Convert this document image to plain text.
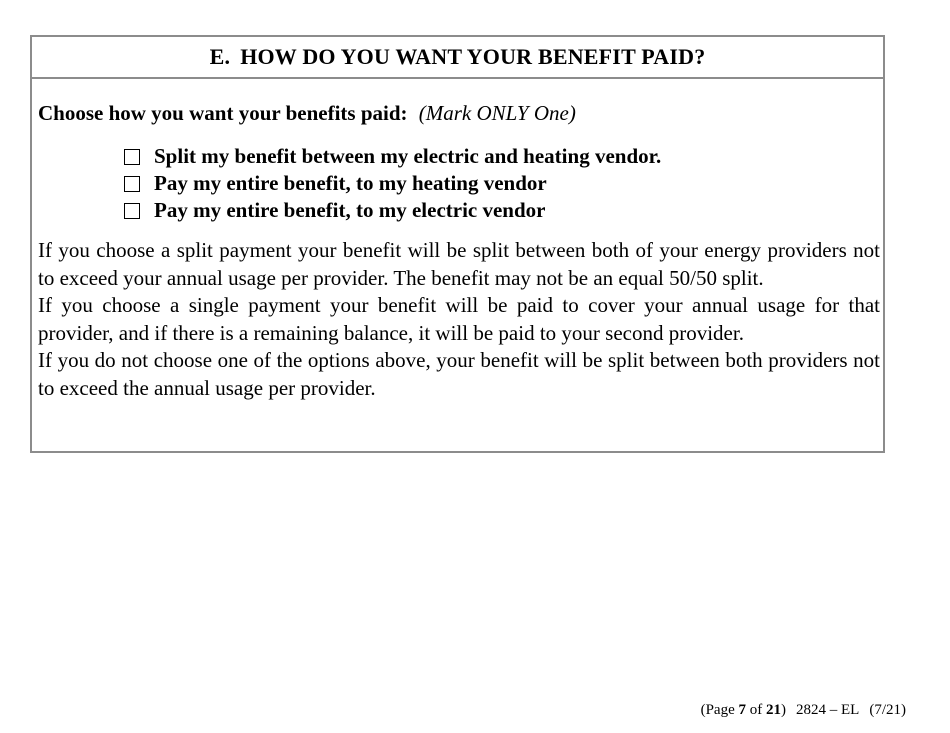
E. HOW DO YOU WANT YOUR BENEFIT PAID?
Choose how you want your benefits paid: (Mark ONLY One)
Split my benefit between my electric and heating vendor.
Pay my entire benefit, to my heating vendor
Pay my entire benefit, to my electric vendor

If you choose a split payment your benefit will be split between both of your energy providers not to exceed your annual usage per provider. The benefit may not be an equal 50/50 split.

If you choose a single payment your benefit will be paid to cover your annual usage for that provider, and if there is a remaining balance, it will be paid to your second provider.

If you do not choose one of the options above, your benefit will be split between both providers not to exceed the annual usage per provider.

(Page 7 of 21) 2824 – EL (7/21)
